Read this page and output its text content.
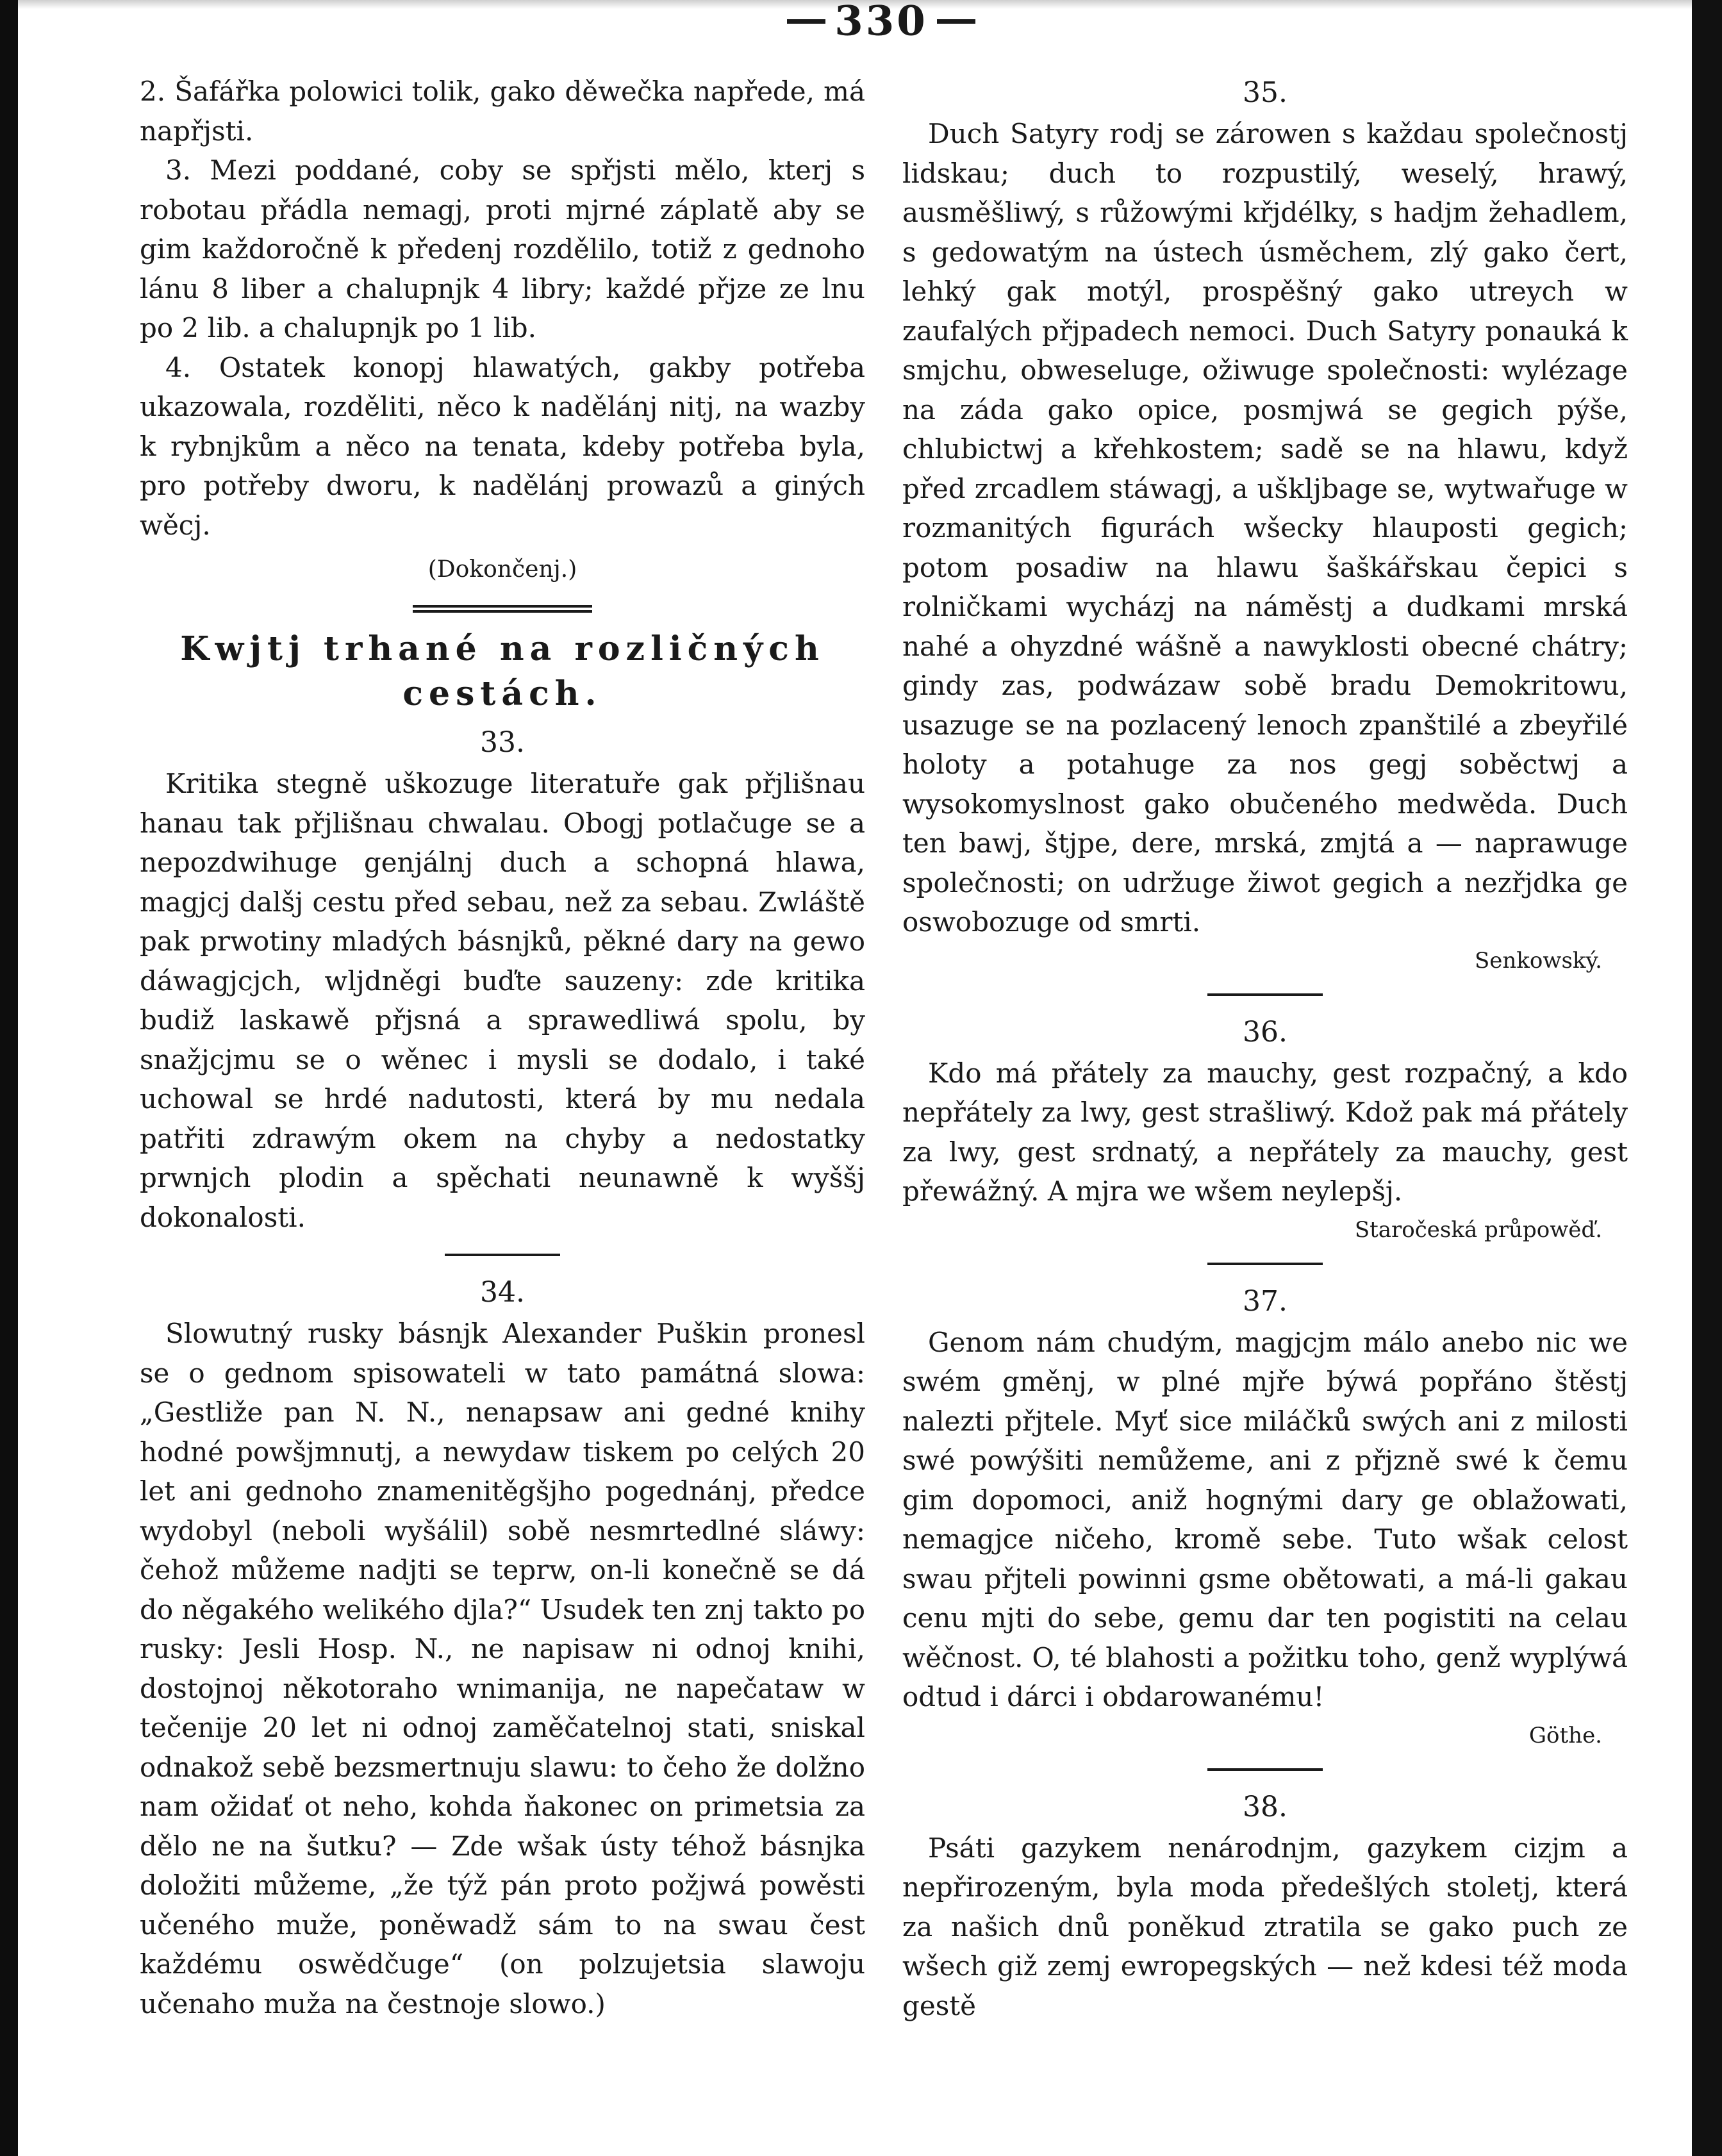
330

2. Šafářka polowici tolik, gako děwečka napřede, má napřjsti.

3. Mezi poddané, coby se spřjsti mělo, kterj s robotau přádla nemagj, proti mjrné záplatě aby se gim každoročně k předenj rozdělilo, totiž z gednoho lánu 8 liber a chalupnjk 4 libry; každé přjze ze lnu po 2 lib. a chalupnjk po 1 lib.

4. Ostatek konopj hlawatých, gakby potřeba ukazowala, rozděliti, něco k nadělánj nitj, na wazby k rybnjkům a něco na tenata, kdeby potřeba byla, pro potřeby dworu, k nadělánj prowazů a giných wěcj.

(Dokončenj.)

Kwjtj trhané na rozličných cestách.

33.

Kritika stegně uškozuge literatuře gak přjlišnau hanau tak přjlišnau chwalau. Obogj potlačuge se a nepozdwihuge genjálnj duch a schopná hlawa, magjcj dalšj cestu před sebau, než za sebau. Zwláště pak prwotiny mladých básnjků, pěkné dary na gewo dáwagjcjch, wljdněgi buďte sauzeny: zde kritika budiž laskawě přjsná a sprawedliwá spolu, by snažjcjmu se o wěnec i mysli se dodalo, i také uchowal se hrdé nadutosti, která by mu nedala patřiti zdrawým okem na chyby a nedostatky prwnjch plodin a spěchati neunawně k wyššj dokonalosti.

34.

Slowutný rusky básnjk Alexander Puškin pronesl se o gednom spisowateli w tato památná slowa: „Gestliže pan N. N., nenapsaw ani gedné knihy hodné powšjmnutj, a newydaw tiskem po celých 20 let ani gednoho znamenitěgšjho pogednánj, předce wydobyl (neboli wyšálil) sobě nesmrtedlné sláwy: čehož můžeme nadjti se teprw, on-li konečně se dá do něgakého welikého djla?“ Usudek ten znj takto po rusky: Jesli Hosp. N., ne napisaw ni odnoj knihi, dostojnoj někotoraho wnimanija, ne napečataw w tečenije 20 let ni odnoj zaměčatelnoj stati, sniskal odnakož sebě bezsmertnuju slawu: to čeho že dolžno nam ožidať ot neho, kohda ňakonec on primetsia za dělo ne na šutku? — Zde wšak ústy téhož básnjka doložiti můžeme, „že týž pán proto požjwá powěsti učeného muže, poněwadž sám to na swau čest každému oswědčuge“ (on polzujetsia slawoju učenaho muža na čestnoje slowo.)

35.

Duch Satyry rodj se zárowen s každau společnostj lidskau; duch to rozpustilý, weselý, hrawý, ausměšliwý, s růžowými křjdélky, s hadjm žehadlem, s gedowatým na ústech úsměchem, zlý gako čert, lehký gak motýl, prospěšný gako utreych w zaufalých přjpadech nemoci. Duch Satyry ponauká k smjchu, obweseluge, ožiwuge společnosti: wylézage na záda gako opice, posmjwá se gegich pýše, chlubictwj a křehkostem; sadě se na hlawu, když před zrcadlem stáwagj, a uškljbage se, wytwařuge w rozmanitých figurách wšecky hlauposti gegich; potom posadiw na hlawu šaškářskau čepici s rolničkami wycházj na náměstj a dudkami mrská nahé a ohyzdné wášně a nawyklosti obecné chátry; gindy zas, podwázaw sobě bradu Demokritowu, usazuge se na pozlacený lenoch zpanštilé a zbeyřilé holoty a potahuge za nos gegj soběctwj a wysokomyslnost gako obučeného medwěda. Duch ten bawj, štjpe, dere, mrská, zmjtá a — naprawuge společnosti; on udržuge žiwot gegich a nezřjdka ge oswobozuge od smrti.

Senkowský.

36.

Kdo má přátely za mauchy, gest rozpačný, a kdo nepřátely za lwy, gest strašliwý. Kdož pak má přátely za lwy, gest srdnatý, a nepřátely za mauchy, gest přewážný. A mjra we wšem neylepšj.

Staročeská průpowěď.

37.

Genom nám chudým, magjcjm málo anebo nic we swém gměnj, w plné mjře býwá popřáno štěstj nalezti přjtele. Myť sice miláčků swých ani z milosti swé powýšiti nemůžeme, ani z přjzně swé k čemu gim dopomoci, aniž hognými dary ge oblažowati, nemagjce ničeho, kromě sebe. Tuto wšak celost swau přjteli powinni gsme obětowati, a má-li gakau cenu mjti do sebe, gemu dar ten pogistiti na celau wěčnost. O, té blahosti a požitku toho, genž wyplýwá odtud i dárci i obdarowanému!

Göthe.

38.

Psáti gazykem nenárodnjm, gazykem cizjm a nepřirozeným, byla moda předešlých stoletj, která za našich dnů poněkud ztratila se gako puch ze wšech giž zemj ewropegských — než kdesi též moda gestě
